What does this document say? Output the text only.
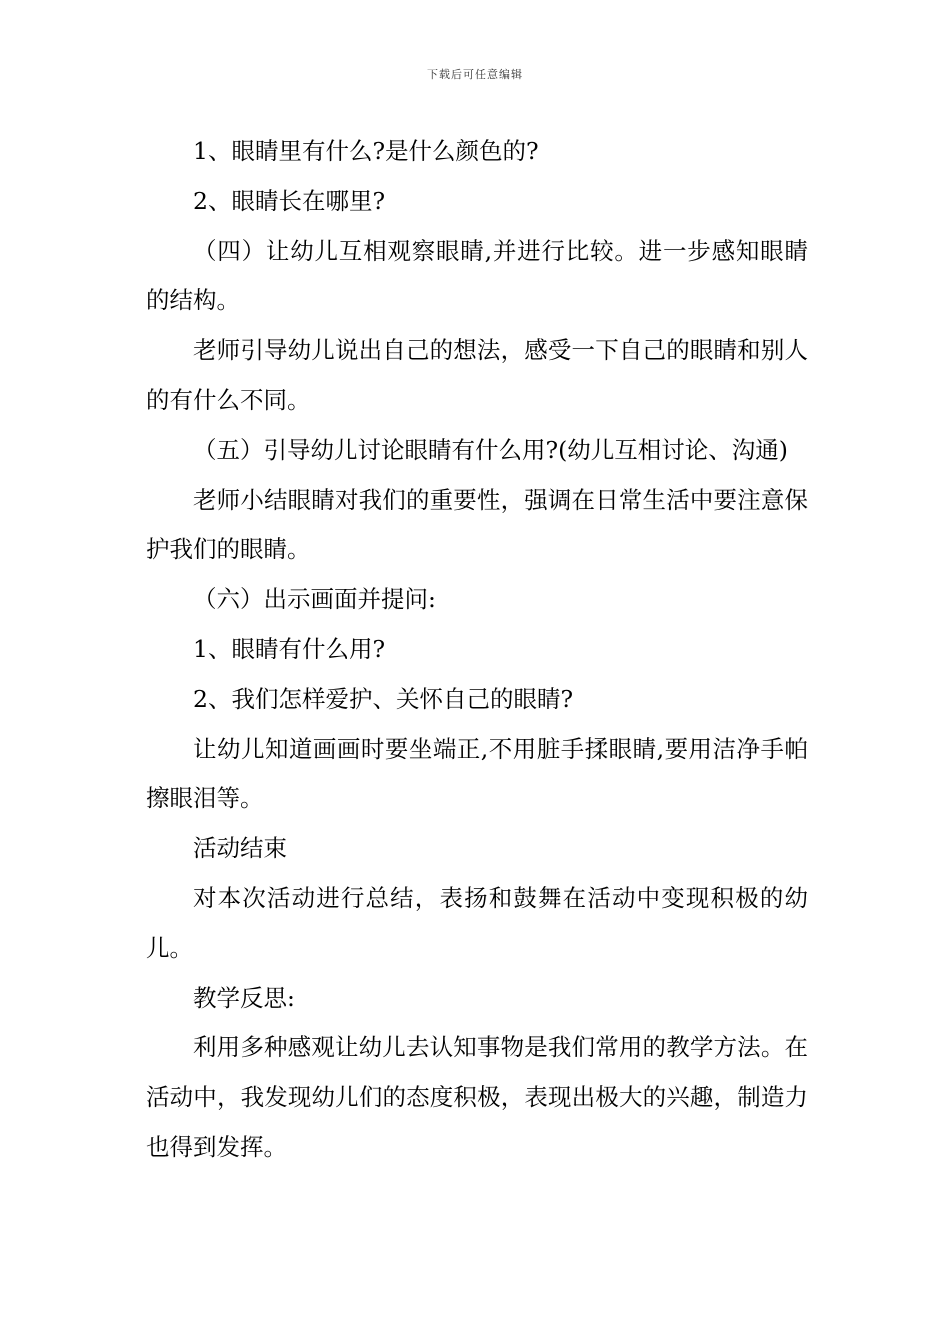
下载后可任意编辑

1、眼睛里有什么?是什么颜色的?

2、眼睛长在哪里?

（四）让幼儿互相观察眼睛,并进行比较。进一步感知眼睛的结构。

老师引导幼儿说出自己的想法，感受一下自己的眼睛和别人的有什么不同。

（五）引导幼儿讨论眼睛有什么用?(幼儿互相讨论、沟通)

老师小结眼睛对我们的重要性，强调在日常生活中要注意保护我们的眼睛。

（六）出示画面并提问:

1、眼睛有什么用?

2、我们怎样爱护、关怀自己的眼睛?

让幼儿知道画画时要坐端正,不用脏手揉眼睛,要用洁净手帕擦眼泪等。

活动结束

对本次活动进行总结，表扬和鼓舞在活动中变现积极的幼儿。

教学反思:

利用多种感观让幼儿去认知事物是我们常用的教学方法。在活动中，我发现幼儿们的态度积极，表现出极大的兴趣，制造力也得到发挥。
